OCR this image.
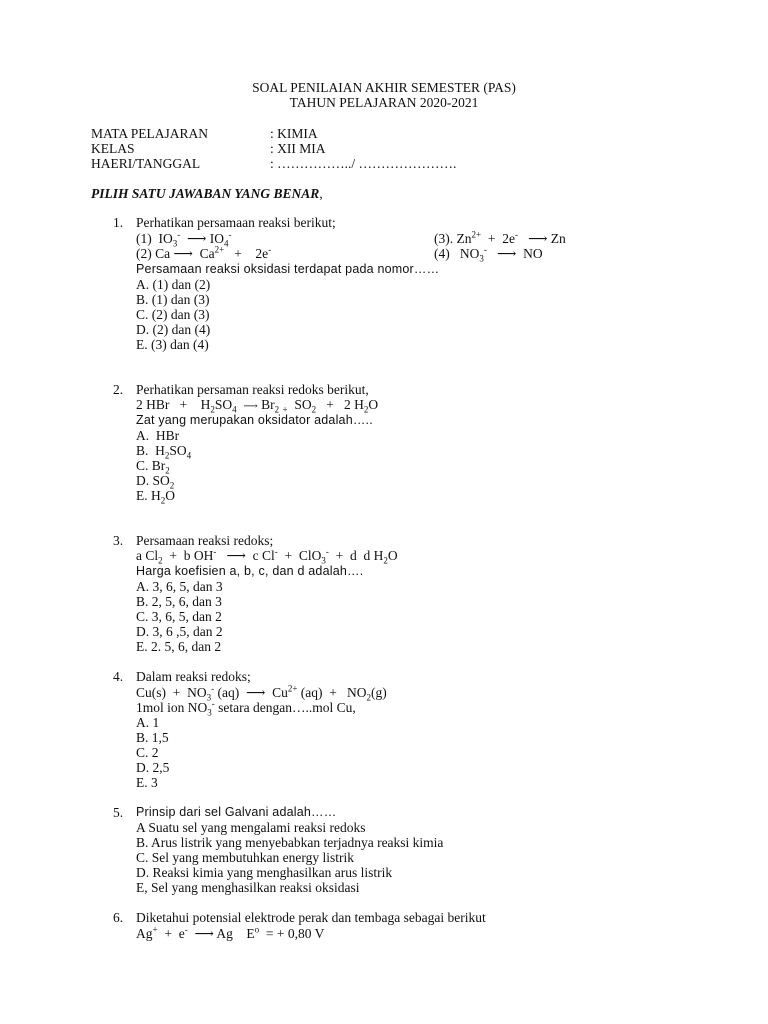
SOAL PENILAIAN AKHIR SEMESTER (PAS)
TAHUN PELAJARAN 2020-2021
MATA PELAJARAN	: KIMIA
KELAS	: XII MIA
HAERI/TANGGAL	: ……………../ ………………….
PILIH SATU JAWABAN YANG BENAR,
1. Perhatikan persamaan reaksi berikut;
(1)  $IO_3^-$  ⟶ $IO_4^-$	(3). $Zn^{2+} + 2e^-$   ⟶ Zn
(2) Ca ⟶  $Ca^{2+}$   +    2e-	(4)   $NO_3^-$   ⟶  NO
Persamaan reaksi oksidasi terdapat pada nomor……
A. (1) dan (2)
B. (1) dan (3)
C. (2) dan (3)
D. (2) dan (4)
E. (3) dan (4)
2. Perhatikan persaman reaksi redoks berikut,
2 HBr   +    $H_2SO_4$ ⟶ $Br_2$ $_+$  $SO_2 + 2$ $H_2O$
Zat yang merupakan oksidator adalah…..
A.  HBr
B.  $H_2SO_4$
C. $Br_2$
D. $SO_2$
E. $H_2O$
3. Persamaan reaksi redoks;
a $Cl_2 + b$ OH-   ⟶  c Cl-  +  ClO$_3$-  +  d  d $H_2O$
Harga koefisien a, b, c, dan d adalah….
A. 3, 6, 5, dan 3
B. 2, 5, 6, dan 3
C. 3, 6, 5, dan 2
D. 3, 6 ,5, dan 2
E. 2. 5, 6, dan 2
4. Dalam reaksi redoks;
$Cu(s) + NO_3^-$ (aq)  ⟶  $Cu^{2+}$ $(aq) + NO_2(g)$
1mol ion $NO_3^-$ setara dengan…..mol Cu,
A. 1
B. 1,5
C. 2
D. 2,5
E. 3
5. Prinsip dari sel Galvani adalah……
A Suatu sel yang mengalami reaksi redoks
B. Arus listrik yang menyebabkan terjadnya reaksi kimia
C. Sel yang membutuhkan energy listrik
D. Reaksi kimia yang menghasilkan arus listrik
E, Sel yang menghasilkan reaksi oksidasi
6. Diketahui potensial elektrode perak dan tembaga sebagai berikut
Ag+  +  e-  ⟶ Ag    $E^o$  = + 0,80 V
